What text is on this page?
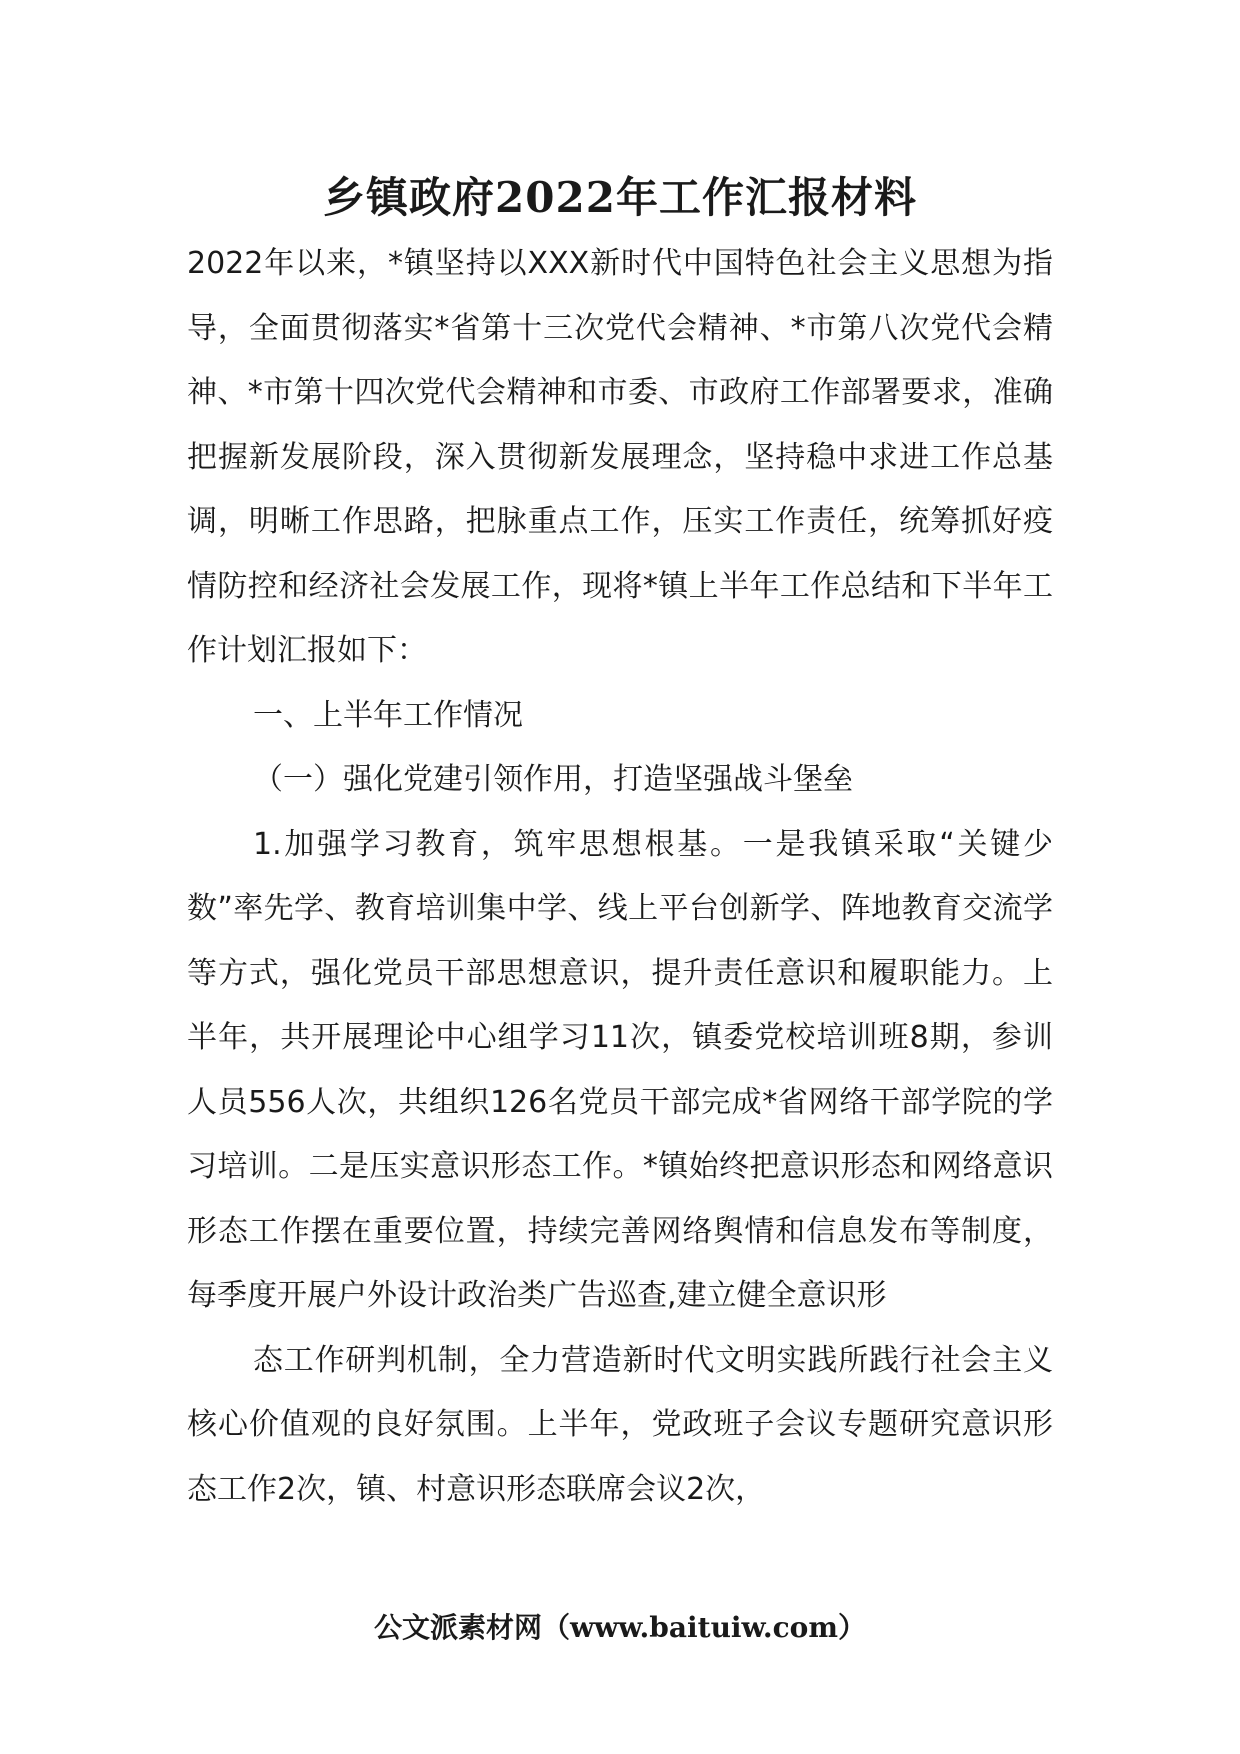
乡镇政府2022年工作汇报材料

2022年以来，*镇坚持以XXX新时代中国特色社会主义思想为指导，全面贯彻落实*省第十三次党代会精神、*市第八次党代会精神、*市第十四次党代会精神和市委、市政府工作部署要求，准确把握新发展阶段，深入贯彻新发展理念，坚持稳中求进工作总基调，明晰工作思路，把脉重点工作，压实工作责任，统筹抓好疫情防控和经济社会发展工作，现将*镇上半年工作总结和下半年工作计划汇报如下：

一、上半年工作情况

（一）强化党建引领作用，打造坚强战斗堡垒

1.加强学习教育，筑牢思想根基。一是我镇采取“关键少数”率先学、教育培训集中学、线上平台创新学、阵地教育交流学等方式，强化党员干部思想意识，提升责任意识和履职能力。上半年，共开展理论中心组学习11次，镇委党校培训班8期，参训人员556人次，共组织126名党员干部完成*省网络干部学院的学习培训。二是压实意识形态工作。*镇始终把意识形态和网络意识形态工作摆在重要位置，持续完善网络舆情和信息发布等制度，每季度开展户外设计政治类广告巡查,建立健全意识形

态工作研判机制，全力营造新时代文明实践所践行社会主义核心价值观的良好氛围。上半年，党政班子会议专题研究意识形态工作2次，镇、村意识形态联席会议2次，

公文派素材网（www.baituiw.com）
